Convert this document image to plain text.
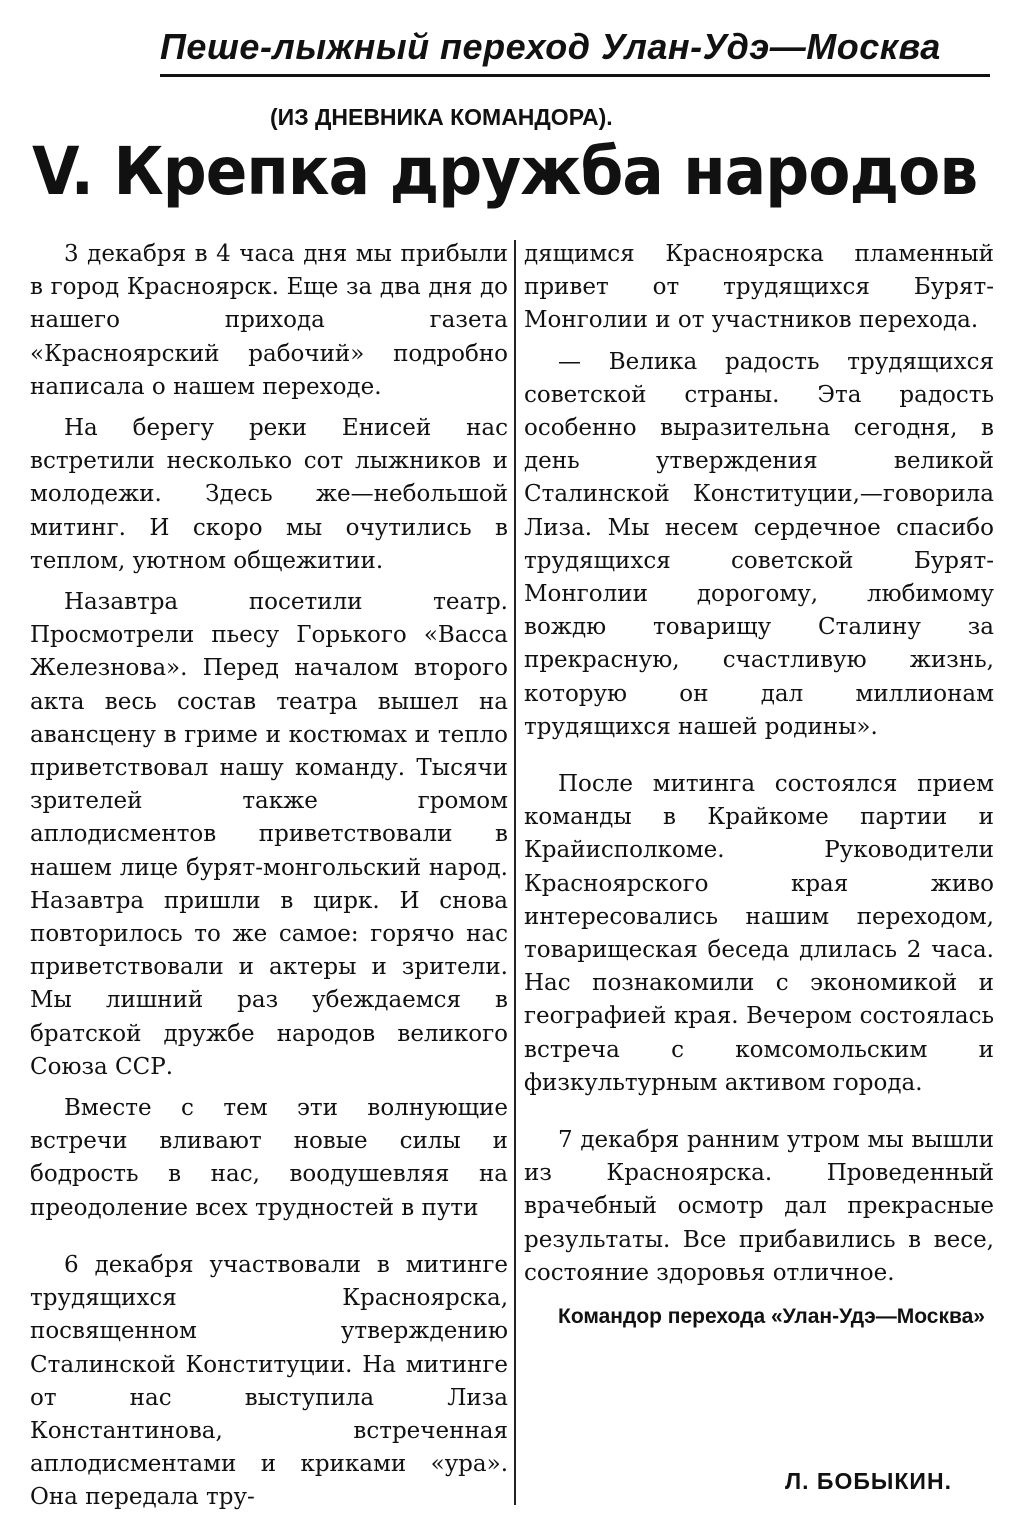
Пеше-лыжный переход Улан-Удэ—Москва
(ИЗ ДНЕВНИКА КОМАНДОРА).
V. Крепка дружба народов

3 декабря в 4 часа дня мы прибыли в город Красноярск. Еще за два дня до нашего прихода газета «Красноярский рабочий» подробно написала о нашем переходе.

На берегу реки Енисей нас встретили несколько сот лыжников и молодежи. Здесь же—небольшой митинг. И скоро мы очутились в теплом, уютном общежитии.

Назавтра посетили театр. Просмотрели пьесу Горького «Васса Железнова». Перед началом второго акта весь состав театра вышел на авансцену в гриме и костюмах и тепло приветствовал нашу команду. Тысячи зрителей также громом аплодисментов приветствовали в нашем лице бурят-монгольский народ. Назавтра пришли в цирк. И снова повторилось то же самое: горячо нас приветствовали и актеры и зрители. Мы лишний раз убеждаемся в братской дружбе народов великого Союза ССР.

Вместе с тем эти волнующие встречи вливают новые силы и бодрость в нас, воодушевляя на преодоление всех трудностей в пути

6 декабря участвовали в митинге трудящихся Красноярска, посвященном утверждению Сталинской Конституции. На митинге от нас выступила Лиза Константинова, встреченная аплодисментами и криками «ура». Она передала тру-

дящимся Красноярска пламенный привет от трудящихся Бурят-Монголии и от участников перехода.

— Велика радость трудящихся советской страны. Эта радость особенно выразительна сегодня, в день утверждения великой Сталинской Конституции,—говорила Лиза. Мы несем сердечное спасибо трудящихся советской Бурят-Монголии дорогому, любимому вождю товарищу Сталину за прекрасную, счастливую жизнь, которую он дал миллионам трудящихся нашей родины».

После митинга состоялся прием команды в Крайкоме партии и Крайисполкоме. Руководители Красноярского края живо интересовались нашим переходом, товарищеская беседа длилась 2 часа. Нас познакомили с экономикой и географией края. Вечером состоялась встреча с комсомольским и физкультурным активом города.

7 декабря ранним утром мы вышли из Красноярска. Проведенный врачебный осмотр дал прекрасные результаты. Все прибавились в весе, состояние здоровья отличное.

Командор перехода «Улан-Удэ—Москва»

Л. БОБЫКИН.
